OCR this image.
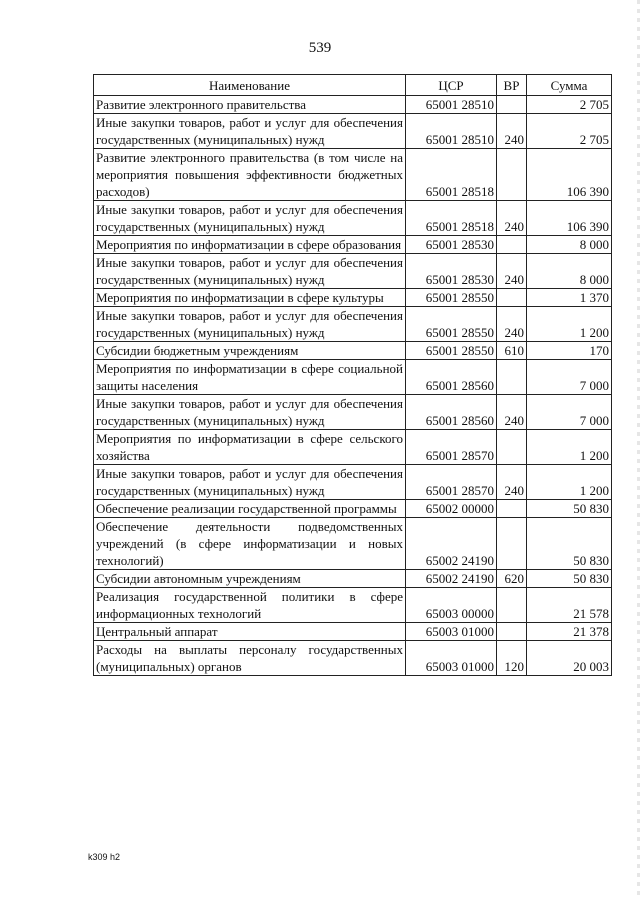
539
Наименование	ЦСР	ВР	Сумма
Развитие электронного правительства	65001 28510		2 705
Иные закупки товаров, работ и услуг для обеспечения государственных (муниципальных) нужд	65001 28510	240	2 705
Развитие электронного правительства (в том числе на мероприятия повышения эффективности бюджетных расходов)	65001 28518		106 390
Иные закупки товаров, работ и услуг для обеспечения государственных (муниципальных) нужд	65001 28518	240	106 390
Мероприятия по информатизации в сфере образования	65001 28530		8 000
Иные закупки товаров, работ и услуг для обеспечения государственных (муниципальных) нужд	65001 28530	240	8 000
Мероприятия по информатизации в сфере культуры	65001 28550		1 370
Иные закупки товаров, работ и услуг для обеспечения государственных (муниципальных) нужд	65001 28550	240	1 200
Субсидии бюджетным учреждениям	65001 28550	610	170
Мероприятия по информатизации в сфере социальной защиты населения	65001 28560		7 000
Иные закупки товаров, работ и услуг для обеспечения государственных (муниципальных) нужд	65001 28560	240	7 000
Мероприятия по информатизации в сфере сельского хозяйства	65001 28570		1 200
Иные закупки товаров, работ и услуг для обеспечения государственных (муниципальных) нужд	65001 28570	240	1 200
Обеспечение реализации государственной программы	65002 00000		50 830
Обеспечение деятельности подведомственных учреждений (в сфере информатизации и новых технологий)	65002 24190		50 830
Субсидии автономным учреждениям	65002 24190	620	50 830
Реализация государственной политики в сфере информационных технологий	65003 00000		21 578
Центральный аппарат	65003 01000		21 378
Расходы на выплаты персоналу государственных (муниципальных) органов	65003 01000	120	20 003
k309 h2
